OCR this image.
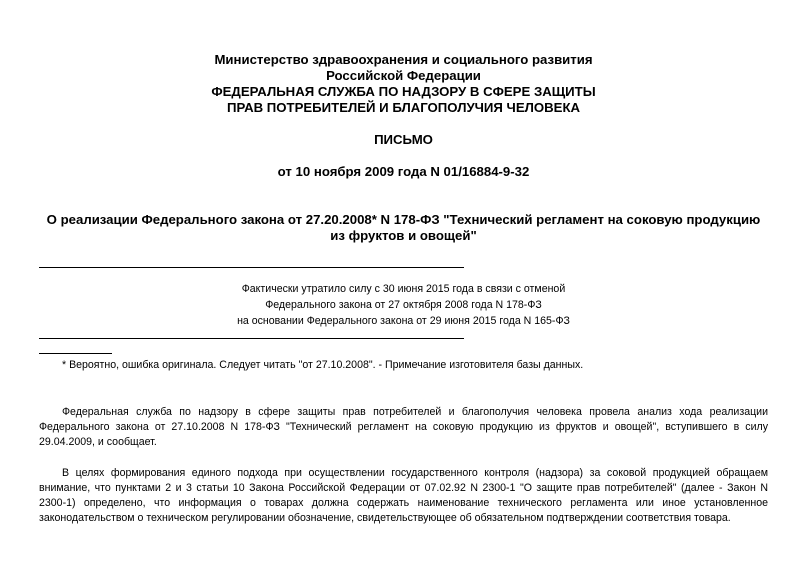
Министерство здравоохранения и социального развития
Российской Федерации
ФЕДЕРАЛЬНАЯ СЛУЖБА ПО НАДЗОРУ В СФЕРЕ ЗАЩИТЫ
ПРАВ ПОТРЕБИТЕЛЕЙ И БЛАГОПОЛУЧИЯ ЧЕЛОВЕКА
ПИСЬМО
от 10 ноября 2009 года N 01/16884-9-32
О реализации Федерального закона от 27.20.2008* N 178-ФЗ "Технический регламент на соковую продукцию
из фруктов и овощей"
Фактически утратило силу с 30 июня 2015 года в связи с отменой
Федерального закона от 27 октября 2008 года N 178-ФЗ
на основании Федерального закона от 29 июня 2015 года N 165-ФЗ
* Вероятно, ошибка оригинала. Следует читать "от 27.10.2008". - Примечание изготовителя базы данных.
Федеральная служба по надзору в сфере защиты прав потребителей и благополучия человека провела анализ хода реализации
Федерального закона от 27.10.2008 N 178-ФЗ "Технический регламент на соковую продукцию из фруктов и овощей", вступившего в силу
29.04.2009, и сообщает.
В целях формирования единого подхода при осуществлении государственного контроля (надзора) за соковой продукцией обращаем
внимание, что пунктами 2 и 3 статьи 10 Закона Российской Федерации от 07.02.92 N 2300-1 "О защите прав потребителей" (далее - Закон N
2300-1) определено, что информация о товарах должна содержать наименование технического регламента или иное установленное
законодательством о техническом регулировании обозначение, свидетельствующее об обязательном подтверждении соответствия товара.
